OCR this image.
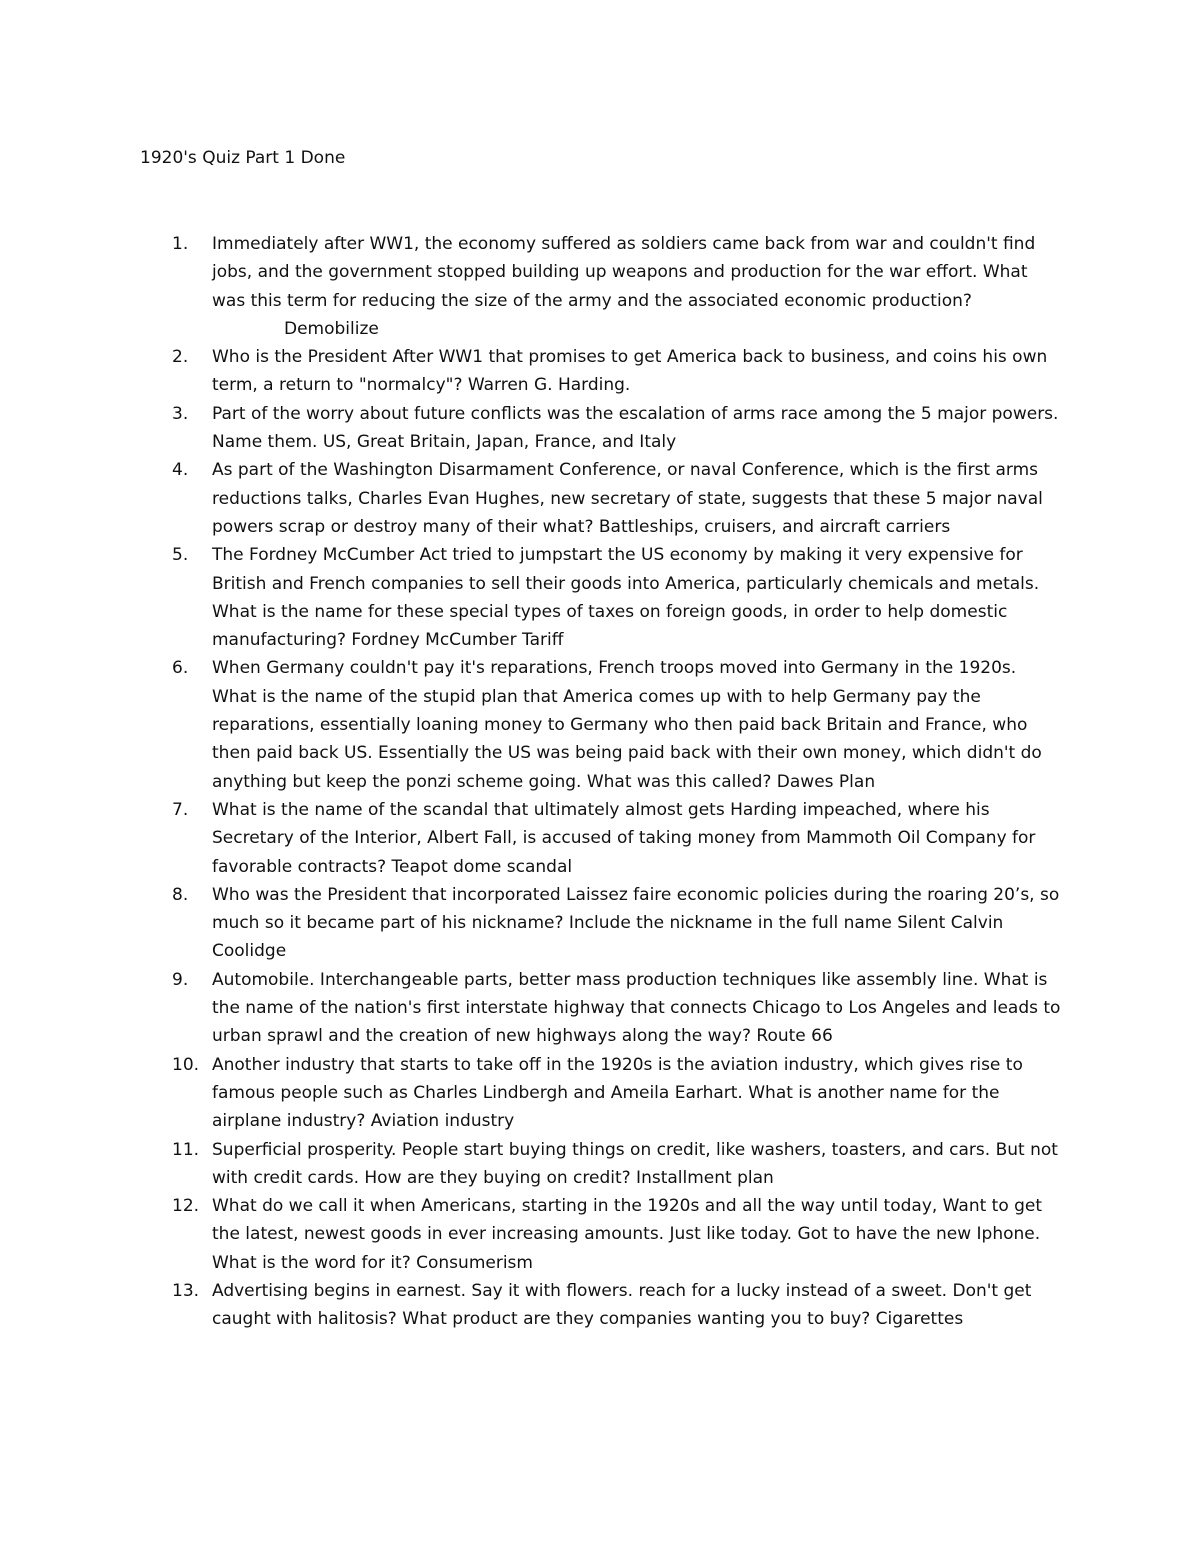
1920's Quiz Part 1 Done
1.	Immediately after WW1, the economy suffered as soldiers came back from war and couldn't find jobs, and the government stopped building up weapons and production for the war effort. What was this term for reducing the size of the army and the associated economic production?
Demobilize
2.	Who is the President After WW1 that promises to get America back to business, and coins his own term, a return to "normalcy"? Warren G. Harding.
3.	Part of the worry about future conflicts was the escalation of arms race among the 5 major powers. Name them. US, Great Britain, Japan, France, and Italy
4.	As part of the Washington Disarmament Conference, or naval Conference, which is the first arms reductions talks, Charles Evan Hughes, new secretary of state, suggests that these 5 major naval powers scrap or destroy many of their what? Battleships, cruisers, and aircraft carriers
5.	The Fordney McCumber Act tried to jumpstart the US economy by making it very expensive for British and French companies to sell their goods into America, particularly chemicals and metals. What is the name for these special types of taxes on foreign goods, in order to help domestic manufacturing? Fordney McCumber Tariff
6.	When Germany couldn't pay it's reparations, French troops moved into Germany in the 1920s. What is the name of the stupid plan that America comes up with to help Germany pay the reparations, essentially loaning money to Germany who then paid back Britain and France, who then paid back US. Essentially the US was being paid back with their own money, which didn't do anything but keep the ponzi scheme going. What was this called? Dawes Plan
7.	What is the name of the scandal that ultimately almost gets Harding impeached, where his Secretary of the Interior, Albert Fall, is accused of taking money from Mammoth Oil Company for favorable contracts? Teapot dome scandal
8.	Who was the President that incorporated Laissez faire economic policies during the roaring 20’s, so much so it became part of his nickname? Include the nickname in the full name Silent Calvin Coolidge
9.	Automobile. Interchangeable parts, better mass production techniques like assembly line. What is the name of the nation's first interstate highway that connects Chicago to Los Angeles and leads to urban sprawl and the creation of new highways along the way? Route 66
10. Another industry that starts to take off in the 1920s is the aviation industry, which gives rise to famous people such as Charles Lindbergh and Ameila Earhart. What is another name for the airplane industry? Aviation industry
11. Superficial prosperity. People start buying things on credit, like washers, toasters, and cars. But not with credit cards. How are they buying on credit? Installment plan
12. What do we call it when Americans, starting in the 1920s and all the way until today, Want to get the latest, newest goods in ever increasing amounts. Just like today. Got to have the new Iphone. What is the word for it? Consumerism
13. Advertising begins in earnest. Say it with flowers. reach for a lucky instead of a sweet. Don't get caught with halitosis? What product are they companies wanting you to buy? Cigarettes
